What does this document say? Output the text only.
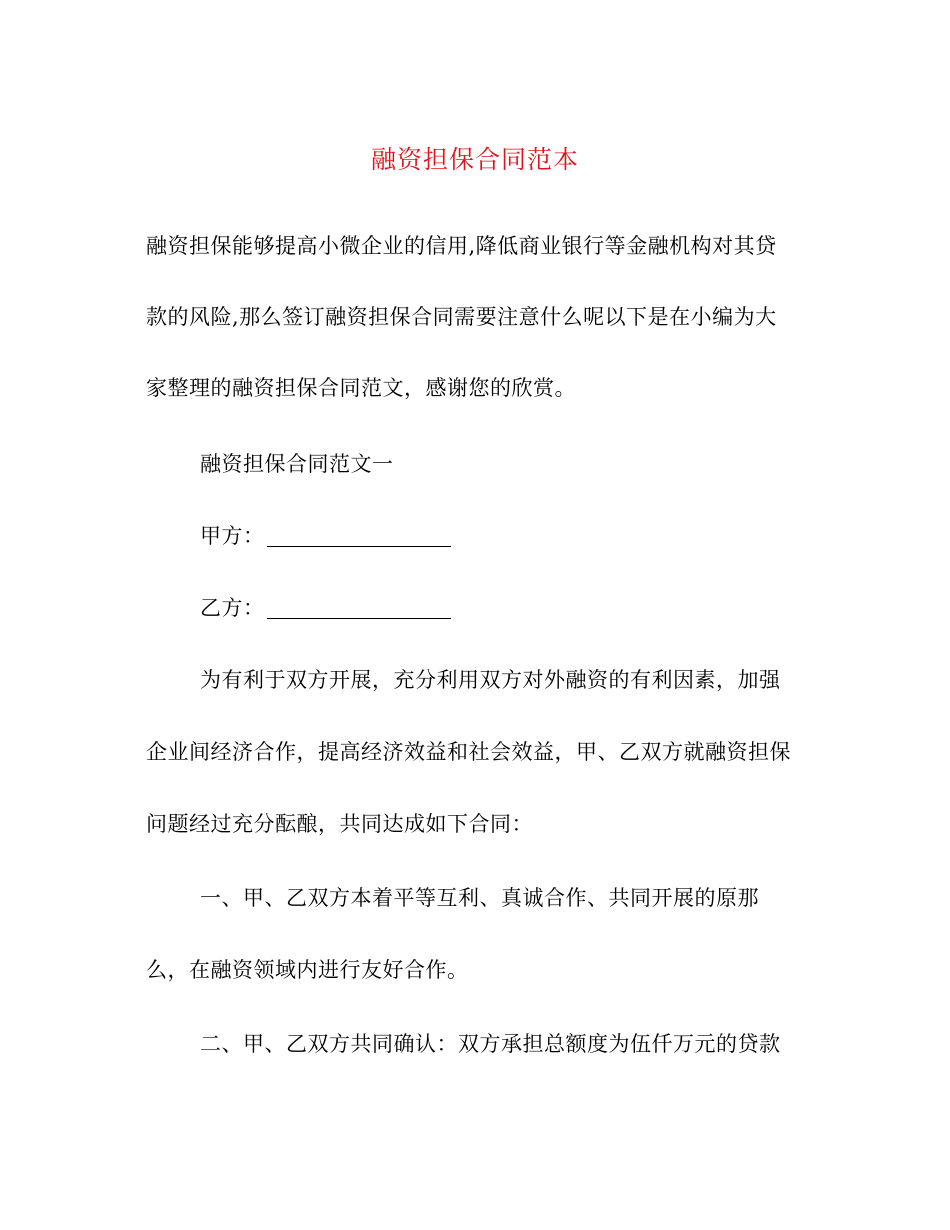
融资担保合同范本
融资担保能够提高小微企业的信用,降低商业银行等金融机构对其贷
款的风险,那么签订融资担保合同需要注意什么呢以下是在小编为大
家整理的融资担保合同范文，感谢您的欣赏。
融资担保合同范文一
甲方：
乙方：
为有利于双方开展，充分利用双方对外融资的有利因素，加强
企业间经济合作，提高经济效益和社会效益，甲、乙双方就融资担保
问题经过充分酝酿，共同达成如下合同：
一、甲、乙双方本着平等互利、真诚合作、共同开展的原那
么，在融资领域内进行友好合作。
二、甲、乙双方共同确认：双方承担总额度为伍仟万元的贷款
